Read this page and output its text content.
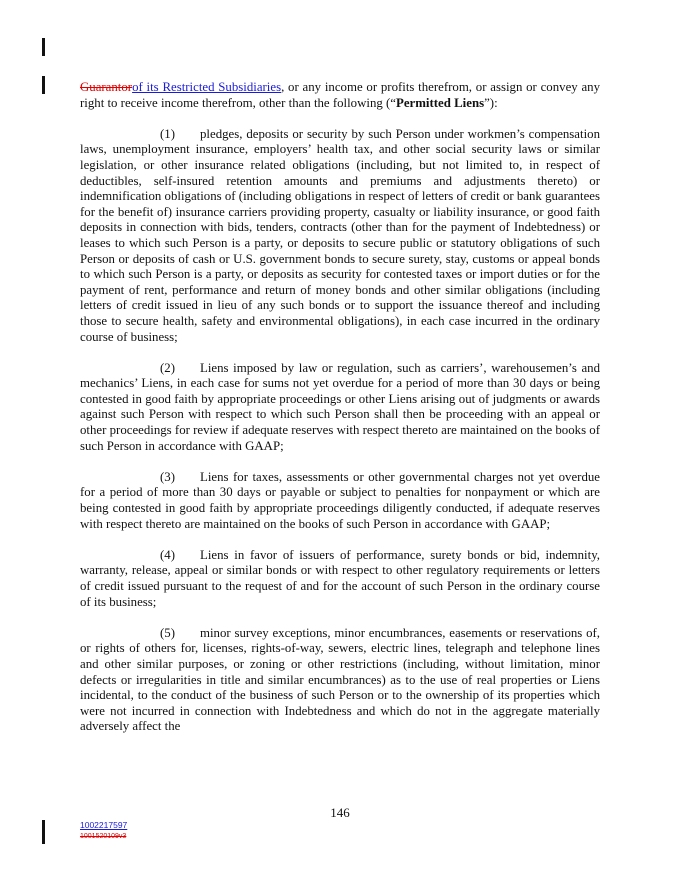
Guarantorof its Restricted Subsidiaries, or any income or profits therefrom, or assign or convey any right to receive income therefrom, other than the following (“Permitted Liens”):

(1) pledges, deposits or security by such Person under workmen’s compensation laws, unemployment insurance, employers’ health tax, and other social security laws or similar legislation, or other insurance related obligations (including, but not limited to, in respect of deductibles, self-insured retention amounts and premiums and adjustments thereto) or indemnification obligations of (including obligations in respect of letters of credit or bank guarantees for the benefit of) insurance carriers providing property, casualty or liability insurance, or good faith deposits in connection with bids, tenders, contracts (other than for the payment of Indebtedness) or leases to which such Person is a party, or deposits to secure public or statutory obligations of such Person or deposits of cash or U.S. government bonds to secure surety, stay, customs or appeal bonds to which such Person is a party, or deposits as security for contested taxes or import duties or for the payment of rent, performance and return of money bonds and other similar obligations (including letters of credit issued in lieu of any such bonds or to support the issuance thereof and including those to secure health, safety and environmental obligations), in each case incurred in the ordinary course of business;

(2) Liens imposed by law or regulation, such as carriers’, warehousemen’s and mechanics’ Liens, in each case for sums not yet overdue for a period of more than 30 days or being contested in good faith by appropriate proceedings or other Liens arising out of judgments or awards against such Person with respect to which such Person shall then be proceeding with an appeal or other proceedings for review if adequate reserves with respect thereto are maintained on the books of such Person in accordance with GAAP;

(3) Liens for taxes, assessments or other governmental charges not yet overdue for a period of more than 30 days or payable or subject to penalties for nonpayment or which are being contested in good faith by appropriate proceedings diligently conducted, if adequate reserves with respect thereto are maintained on the books of such Person in accordance with GAAP;

(4) Liens in favor of issuers of performance, surety bonds or bid, indemnity, warranty, release, appeal or similar bonds or with respect to other regulatory requirements or letters of credit issued pursuant to the request of and for the account of such Person in the ordinary course of its business;

(5) minor survey exceptions, minor encumbrances, easements or reservations of, or rights of others for, licenses, rights-of-way, sewers, electric lines, telegraph and telephone lines and other similar purposes, or zoning or other restrictions (including, without limitation, minor defects or irregularities in title and similar encumbrances) as to the use of real properties or Liens incidental, to the conduct of the business of such Person or to the ownership of its properties which were not incurred in connection with Indebtedness and which do not in the aggregate materially adversely affect the

146
1002217597
1001520109v3
